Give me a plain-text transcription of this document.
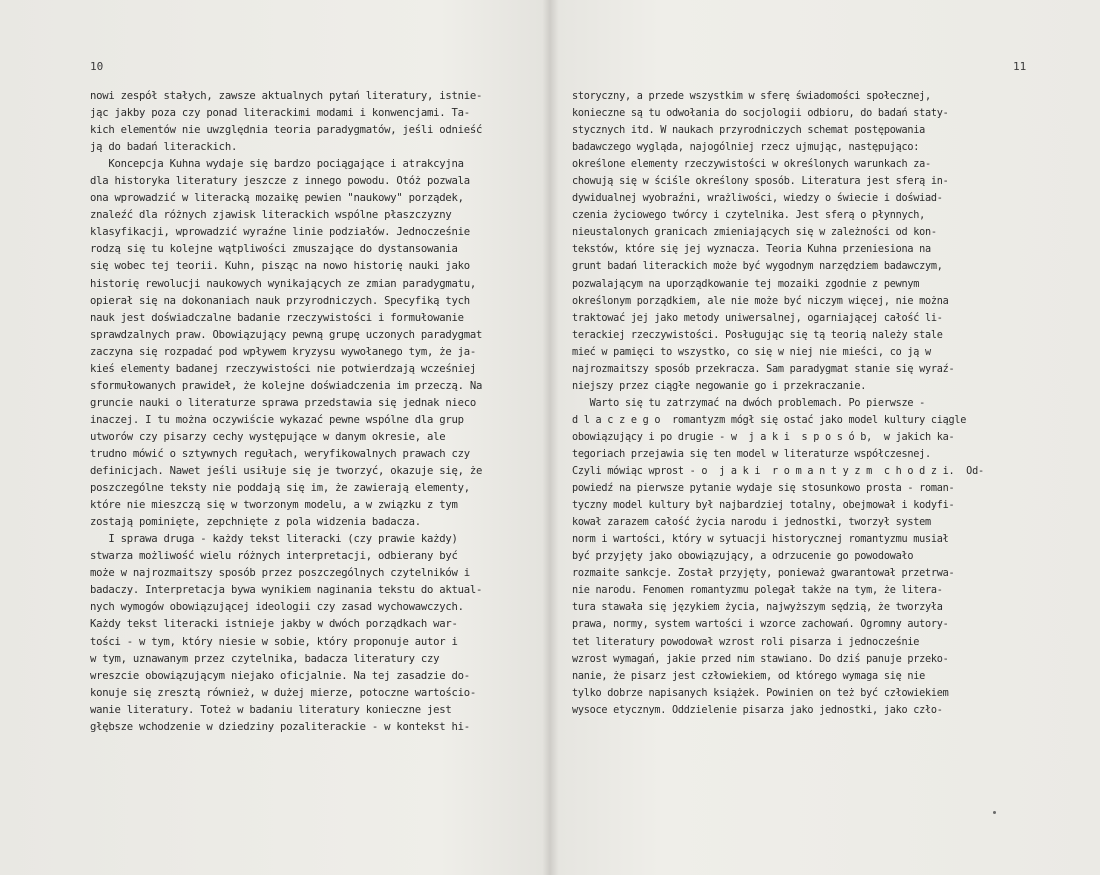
10
nowi zespół stałych, zawsze aktualnych pytań literatury, istnie-
jąc jakby poza czy ponad literackimi modami i konwencjami. Ta-
kich elementów nie uwzględnia teoria paradygmatów, jeśli odnieść
ją do badań literackich.
Koncepcja Kuhna wydaje się bardzo pociągające i atrakcyjna
dla historyka literatury jeszcze z innego powodu. Otóż pozwala
ona wprowadzić w literacką mozaikę pewien "naukowy" porządek,
znaleźć dla różnych zjawisk literackich wspólne płaszczyzny
klasyfikacji, wprowadzić wyraźne linie podziałów. Jednocześnie
rodzą się tu kolejne wątpliwości zmuszające do dystansowania
się wobec tej teorii. Kuhn, pisząc na nowo historię nauki jako
historię rewolucji naukowych wynikających ze zmian paradygmatu,
opierał się na dokonaniach nauk przyrodniczych. Specyfiką tych
nauk jest doświadczalne badanie rzeczywistości i formułowanie
sprawdzalnych praw. Obowiązujący pewną grupę uczonych paradygmat
zaczyna się rozpadać pod wpływem kryzysu wywołanego tym, że ja-
kieś elementy badanej rzeczywistości nie potwierdzają wcześniej
sformułowanych prawideł, że kolejne doświadczenia im przeczą. Na
gruncie nauki o literaturze sprawa przedstawia się jednak nieco
inaczej. I tu można oczywiście wykazać pewne wspólne dla grup
utworów czy pisarzy cechy występujące w danym okresie, ale
trudno mówić o sztywnych regułach, weryfikowalnych prawach czy
definicjach. Nawet jeśli usiłuje się je tworzyć, okazuje się, że
poszczególne teksty nie poddają się im, że zawierają elementy,
które nie mieszczą się w tworzonym modelu, a w związku z tym
zostają pominięte, zepchnięte z pola widzenia badacza.
I sprawa druga - każdy tekst literacki (czy prawie każdy)
stwarza możliwość wielu różnych interpretacji, odbierany być
może w najrozmaitszy sposób przez poszczególnych czytelników i
badaczy. Interpretacja bywa wynikiem naginania tekstu do aktual-
nych wymogów obowiązującej ideologii czy zasad wychowawczych.
Każdy tekst literacki istnieje jakby w dwóch porządkach war-
tości - w tym, który niesie w sobie, który proponuje autor i
w tym, uznawanym przez czytelnika, badacza literatury czy
wreszcie obowiązującym niejako oficjalnie. Na tej zasadzie do-
konuje się zresztą również, w dużej mierze, potoczne wartościo-
wanie literatury. Toteż w badaniu literatury konieczne jest
głębsze wchodzenie w dziedziny pozaliterackie - w kontekst hi-
11
storyczny, a przede wszystkim w sferę świadomości społecznej,
konieczne są tu odwołania do socjologii odbioru, do badań staty-
stycznych itd. W naukach przyrodniczych schemat postępowania
badawczego wygląda, najogólniej rzecz ujmując, następująco:
określone elementy rzeczywistości w określonych warunkach za-
chowują się w ściśle określony sposób. Literatura jest sferą in-
dywidualnej wyobraźni, wrażliwości, wiedzy o świecie i doświad-
czenia życiowego twórcy i czytelnika. Jest sferą o płynnych,
nieustalonych granicach zmieniających się w zależności od kon-
tekstów, które się jej wyznacza. Teoria Kuhna przeniesiona na
grunt badań literackich może być wygodnym narzędziem badawczym,
pozwalającym na uporządkowanie tej mozaiki zgodnie z pewnym
określonym porządkiem, ale nie może być niczym więcej, nie można
traktować jej jako metody uniwersalnej, ogarniającej całość li-
terackiej rzeczywistości. Posługując się tą teorią należy stale
mieć w pamięci to wszystko, co się w niej nie mieści, co ją w
najrozmaitszy sposób przekracza. Sam paradygmat stanie się wyraź-
niejszy przez ciągłe negowanie go i przekraczanie.
Warto się tu zatrzymać na dwóch problemach. Po pierwsze -
d l a c z e g o  romantyzm mógł się ostać jako model kultury ciągle
obowiązujący i po drugie - w  j a k i  s p o s ó b,  w jakich ka-
tegoriach przejawia się ten model w literaturze współczesnej.
Czyli mówiąc wprost - o  j a k i  r o m a n t y z m  c h o d z i.  Od-
powiedź na pierwsze pytanie wydaje się stosunkowo prosta - roman-
tyczny model kultury był najbardziej totalny, obejmował i kodyfi-
kował zarazem całość życia narodu i jednostki, tworzył system
norm i wartości, który w sytuacji historycznej romantyzmu musiał
być przyjęty jako obowiązujący, a odrzucenie go powodowało
rozmaite sankcje. Został przyjęty, ponieważ gwarantował przetrwa-
nie narodu. Fenomen romantyzmu polegał także na tym, że litera-
tura stawała się językiem życia, najwyższym sędzią, że tworzyła
prawa, normy, system wartości i wzorce zachowań. Ogromny autory-
tet literatury powodował wzrost roli pisarza i jednocześnie
wzrost wymagań, jakie przed nim stawiano. Do dziś panuje przeko-
nanie, że pisarz jest człowiekiem, od którego wymaga się nie
tylko dobrze napisanych książek. Powinien on też być człowiekiem
wysoce etycznym. Oddzielenie pisarza jako jednostki, jako czło-
